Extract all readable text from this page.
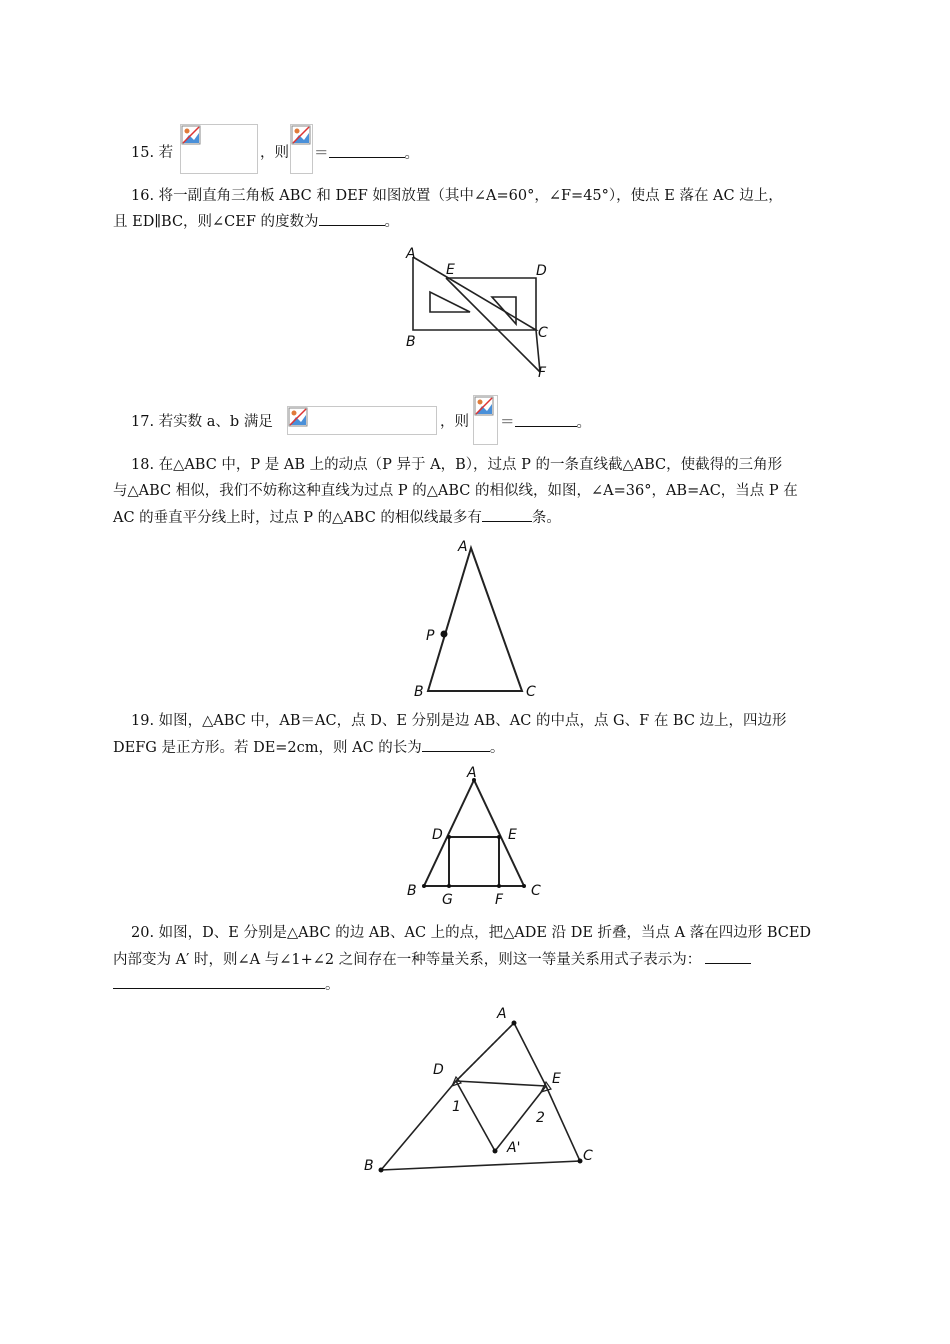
15. 若	，则 ＝	。
16. 将一副直角三角板 ABC 和 DEF 如图放置（其中∠A=60°，∠F=45°），使点 E 落在 AC 边上，
且 ED∥BC，则∠CEF 的度数为	。
A
E	D
C
B
F
17. 若实数 a、b 满足	，则 ＝	。
18. 在△ABC 中，P 是 AB 上的动点（P 异于 A，B），过点 P 的一条直线截△ABC，使截得的三角形
与△ABC 相似，我们不妨称这种直线为过点 P 的△ABC 的相似线，如图，∠A=36°，AB=AC，当点 P 在
AC 的垂直平分线上时，过点 P 的△ABC 的相似线最多有	条。
A
P
B	C
19. 如图，△ABC 中，AB＝AC，点 D、E 分别是边 AB、AC 的中点，点 G、F 在 BC 边上，四边形
DEFG 是正方形。若 DE=2cm，则 AC 的长为	。
A
D	E
B
G	F
C
20. 如图，D、E 分别是△ABC 的边 AB、AC 上的点，把△ADE 沿 DE 折叠，当点 A 落在四边形 BCED
内部变为 A′ 时，则∠A 与∠1+∠2 之间存在一种等量关系，则这一等量关系用式子表示为：
。
A
D
E
1
2
A'
B
C
